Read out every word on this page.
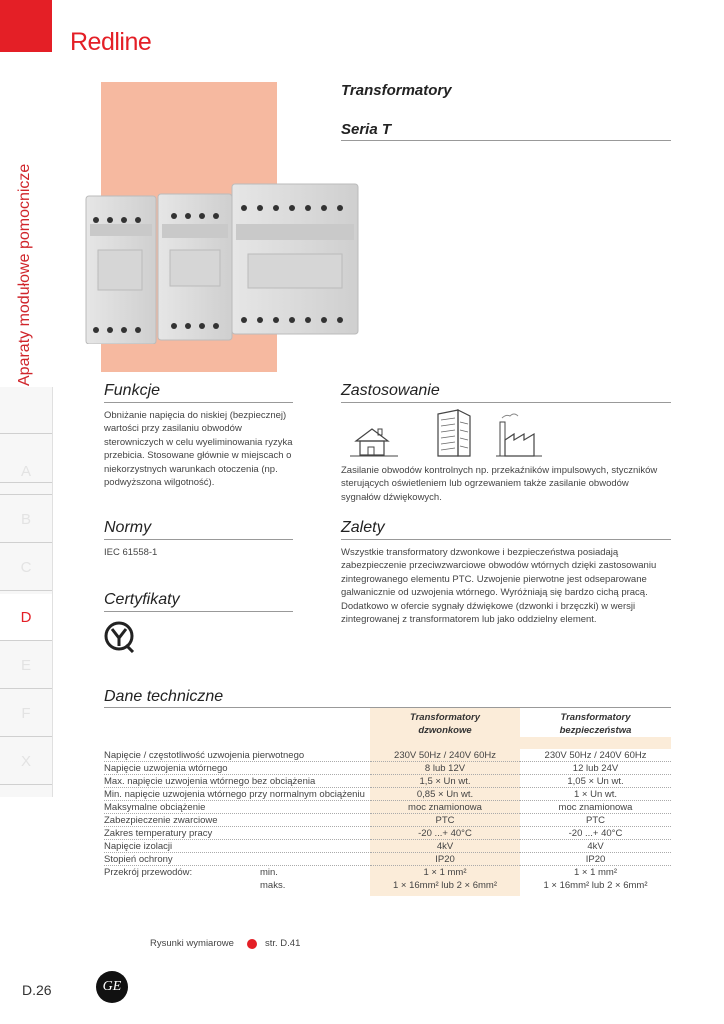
Redline
Aparaty modułowe pomocnicze
A
B
C
D
E
F
X
Transformatory
Seria T
Funkcje
Obniżanie napięcia do niskiej (bezpiecznej) wartości przy zasilaniu obwodów sterowniczych w celu wyeliminowania ryzyka przebicia. Stosowane głównie w miejscach o niekorzystnych warunkach otoczenia (np. podwyższona wilgotność).
Zastosowanie
Zasilanie obwodów kontrolnych np. przekaźników impulsowych, styczników sterujących oświetleniem lub ogrzewaniem także zasilanie obwodów sygnałów dźwiękowych.
Normy
IEC 61558-1
Zalety
Wszystkie transformatory dzwonkowe i bezpieczeństwa posiadają zabezpieczenie przeciwzwarciowe obwodów wtórnych dzięki zastosowaniu zintegrowanego elementu PTC. Uzwojenie pierwotne jest odseparowane galwanicznie od uzwojenia wtórnego. Wyróżniają się bardzo cichą pracą. Dodatkowo w ofercie sygnały dźwiękowe (dzwonki i brzęczki) w wersji zintegrowanej z transformatorem lub jako oddzielny element.
Certyfikaty
Dane techniczne
Transformatory
dzwonkowe
Transformatory
bezpieczeństwa
Napięcie / częstotliwość uzwojenia pierwotnego	230V 50Hz / 240V 60Hz	230V 50Hz / 240V 60Hz
Napięcie uzwojenia wtórnego	8 lub 12V	12 lub 24V
Max. napięcie uzwojenia wtórnego bez obciążenia	1,5 × Un wt.	1,05 × Un wt.
Min. napięcie uzwojenia wtórnego przy normalnym obciążeniu	0,85 × Un wt.	1 × Un wt.
Maksymalne obciążenie	moc znamionowa	moc znamionowa
Zabezpieczenie zwarciowe	PTC	PTC
Zakres temperatury pracy	-20 ...+ 40°C	-20 ...+ 40°C
Napięcie izolacji	4kV	4kV
Stopień ochrony	IP20	IP20
Przekrój przewodów:	min.	1 × 1 mm²	1 × 1 mm²
maks.	1 × 16mm² lub 2 × 6mm²	1 × 16mm² lub 2 × 6mm²
Rysunki wymiarowe	str. D.41
D.26	GE
